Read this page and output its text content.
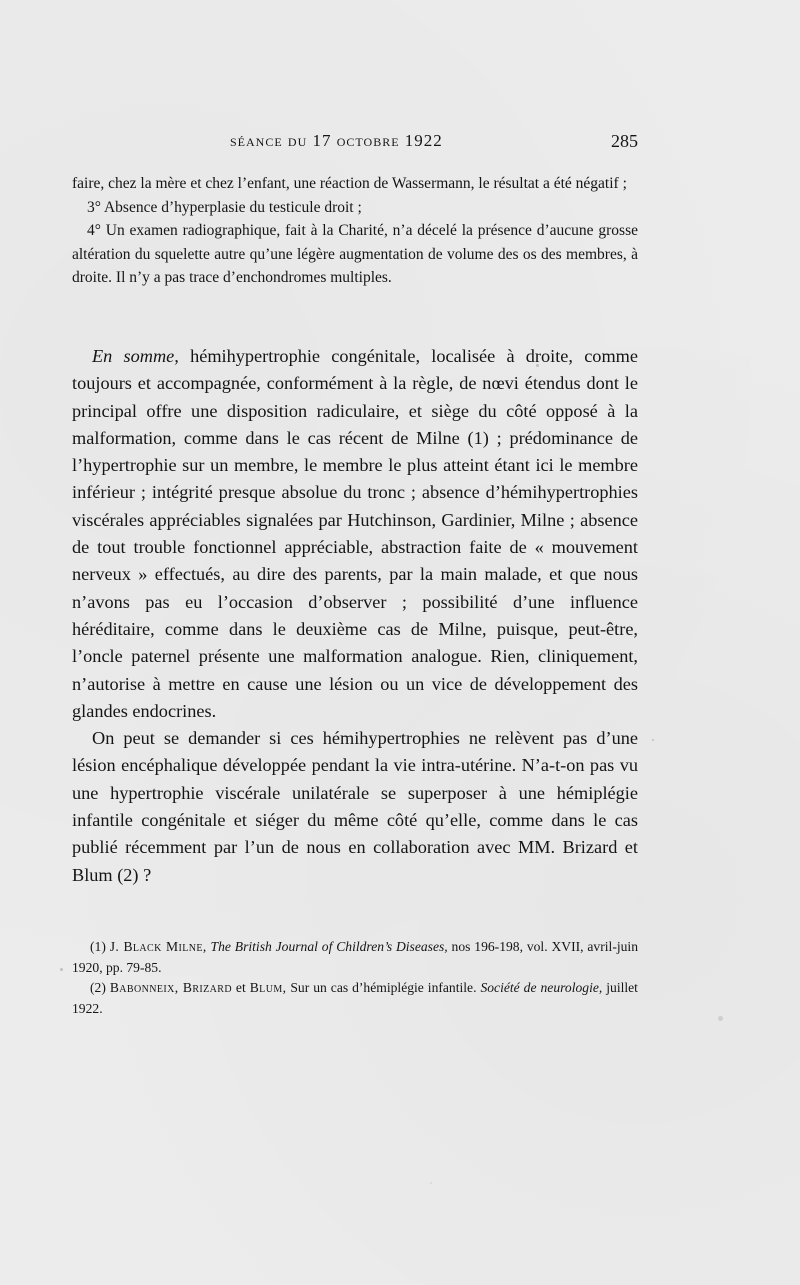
séance du 17 octobre 1922	285

faire, chez la mère et chez l’enfant, une réaction de Wassermann, le résultat a été négatif ;

3° Absence d’hyperplasie du testicule droit ;

4° Un examen radiographique, fait à la Charité, n’a décelé la présence d’aucune grosse altération du squelette autre qu’une légère augmentation de volume des os des membres, à droite. Il n’y a pas trace d’enchondromes multiples.

En somme, hémihypertrophie congénitale, localisée à droite, comme toujours et accompagnée, conformément à la règle, de nœvi étendus dont le principal offre une disposition radiculaire, et siège du côté opposé à la malformation, comme dans le cas récent de Milne (1) ; prédominance de l’hypertrophie sur un membre, le membre le plus atteint étant ici le membre inférieur ; intégrité presque absolue du tronc ; absence d’hémihypertrophies viscérales appréciables signalées par Hutchinson, Gardinier, Milne ; absence de tout trouble fonctionnel appréciable, abstraction faite de « mouvement nerveux » effectués, au dire des parents, par la main malade, et que nous n’avons pas eu l’occasion d’observer ; possibilité d’une influence héréditaire, comme dans le deuxième cas de Milne, puisque, peut-être, l’oncle paternel présente une malformation analogue. Rien, cliniquement, n’autorise à mettre en cause une lésion ou un vice de développement des glandes endocrines.

On peut se demander si ces hémihypertrophies ne relèvent pas d’une lésion encéphalique développée pendant la vie intra-utérine. N’a-t-on pas vu une hypertrophie viscérale unilatérale se superposer à une hémiplégie infantile congénitale et siéger du même côté qu’elle, comme dans le cas publié récemment par l’un de nous en collaboration avec MM. Brizard et Blum (2) ?

(1) J. Black Milne, The British Journal of Children’s Diseases, nos 196-198, vol. XVII, avril-juin 1920, pp. 79-85.

(2) Babonneix, Brizard et Blum, Sur un cas d’hémiplégie infantile. Société de neurologie, juillet 1922.
